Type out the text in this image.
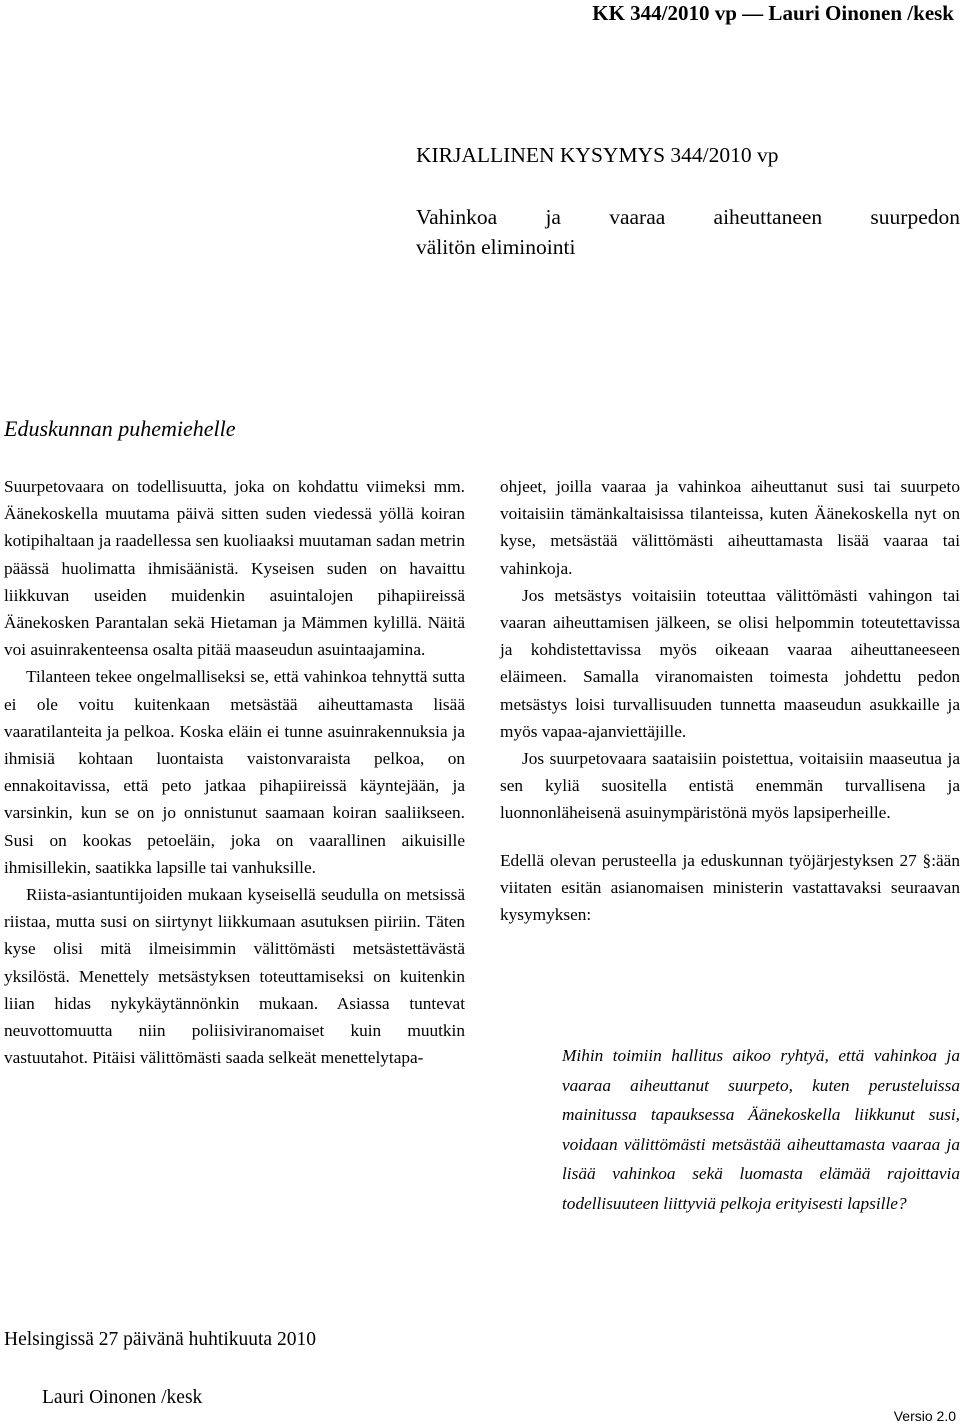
KK 344/2010 vp — Lauri Oinonen /kesk
KIRJALLINEN KYSYMYS 344/2010 vp
Vahinkoa ja vaaraa aiheuttaneen suurpedon
välitön eliminointi
Eduskunnan puhemiehelle

Suurpetovaara on todellisuutta, joka on kohdattu viimeksi mm. Äänekoskella muutama päivä sitten suden viedessä yöllä koiran kotipihaltaan ja raadellessa sen kuoliaaksi muutaman sadan metrin päässä huolimatta ihmisäänistä. Kyseisen suden on havaittu liikkuvan useiden muidenkin asuintalojen pihapiireissä Äänekosken Parantalan sekä Hietaman ja Mämmen kylillä. Näitä voi asuinrakenteensa osalta pitää maaseudun asuintaajamina.

Tilanteen tekee ongelmalliseksi se, että vahinkoa tehnyttä sutta ei ole voitu kuitenkaan metsästää aiheuttamasta lisää vaaratilanteita ja pelkoa. Koska eläin ei tunne asuinrakennuksia ja ihmisiä kohtaan luontaista vaistonvaraista pelkoa, on ennakoitavissa, että peto jatkaa pihapiireissä käyntejään, ja varsinkin, kun se on jo onnistunut saamaan koiran saaliikseen. Susi on kookas petoeläin, joka on vaarallinen aikuisille ihmisillekin, saatikka lapsille tai vanhuksille.

Riista-asiantuntijoiden mukaan kyseisellä seudulla on metsissä riistaa, mutta susi on siirtynyt liikkumaan asutuksen piiriin. Täten kyse olisi mitä ilmeisimmin välittömästi metsästettävästä yksilöstä. Menettely metsästyksen toteuttamiseksi on kuitenkin liian hidas nykykäytännönkin mukaan. Asiassa tuntevat neuvottomuutta niin poliisiviranomaiset kuin muutkin vastuutahot. Pitäisi välittömästi saada selkeät menettelytapa-

ohjeet, joilla vaaraa ja vahinkoa aiheuttanut susi tai suurpeto voitaisiin tämänkaltaisissa tilanteissa, kuten Äänekoskella nyt on kyse, metsästää välittömästi aiheuttamasta lisää vaaraa tai vahinkoja.

Jos metsästys voitaisiin toteuttaa välittömästi vahingon tai vaaran aiheuttamisen jälkeen, se olisi helpommin toteutettavissa ja kohdistettavissa myös oikeaan vaaraa aiheuttaneeseen eläimeen. Samalla viranomaisten toimesta johdettu pedon metsästys loisi turvallisuuden tunnetta maaseudun asukkaille ja myös vapaa-ajanviettäjille.

Jos suurpetovaara saataisiin poistettua, voitaisiin maaseutua ja sen kyliä suositella entistä enemmän turvallisena ja luonnonläheisenä asuinympäristönä myös lapsiperheille.

Edellä olevan perusteella ja eduskunnan työjärjestyksen 27 §:ään viitaten esitän asianomaisen ministerin vastattavaksi seuraavan kysymyksen:

Mihin toimiin hallitus aikoo ryhtyä, että vahinkoa ja vaaraa aiheuttanut suurpeto, kuten perusteluissa mainitussa tapauksessa Äänekoskella liikkunut susi, voidaan välittömästi metsästää aiheuttamasta vaaraa ja lisää vahinkoa sekä luomasta elämää rajoittavia todellisuuteen liittyviä pelkoja erityisesti lapsille?

Helsingissä 27 päivänä huhtikuuta 2010
Lauri Oinonen /kesk
Versio 2.0
